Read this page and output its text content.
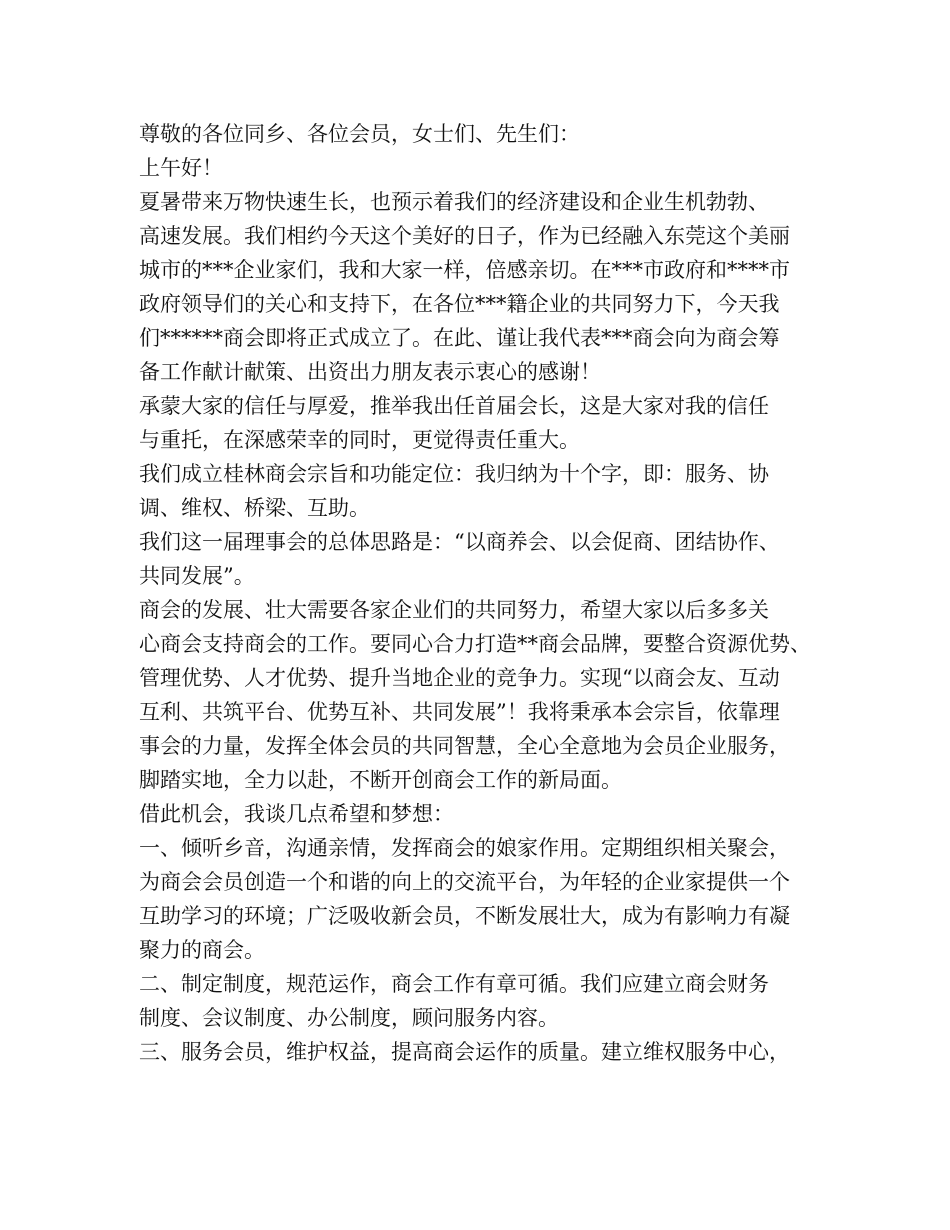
尊敬的各位同乡、各位会员，女士们、先生们：
上午好！
夏暑带来万物快速生长，也预示着我们的经济建设和企业生机勃勃、
高速发展。我们相约今天这个美好的日子，作为已经融入东莞这个美丽
城市的***企业家们，我和大家一样，倍感亲切。在***市政府和****市
政府领导们的关心和支持下，在各位***籍企业的共同努力下，今天我
们******商会即将正式成立了。在此、谨让我代表***商会向为商会筹
备工作献计献策、出资出力朋友表示衷心的感谢！
承蒙大家的信任与厚爱，推举我出任首届会长，这是大家对我的信任
与重托，在深感荣幸的同时，更觉得责任重大。
我们成立桂林商会宗旨和功能定位：我归纳为十个字，即：服务、协
调、维权、桥梁、互助。
我们这一届理事会的总体思路是：“以商养会、以会促商、团结协作、
共同发展”。
商会的发展、壮大需要各家企业们的共同努力，希望大家以后多多关
心商会支持商会的工作。要同心合力打造**商会品牌，要整合资源优势、
管理优势、人才优势、提升当地企业的竞争力。实现“以商会友、互动
互利、共筑平台、优势互补、共同发展”！我将秉承本会宗旨，依靠理
事会的力量，发挥全体会员的共同智慧，全心全意地为会员企业服务，
脚踏实地，全力以赴，不断开创商会工作的新局面。
借此机会，我谈几点希望和梦想：
一、倾听乡音，沟通亲情，发挥商会的娘家作用。定期组织相关聚会，
为商会会员创造一个和谐的向上的交流平台，为年轻的企业家提供一个
互助学习的环境；广泛吸收新会员，不断发展壮大，成为有影响力有凝
聚力的商会。
二、制定制度，规范运作，商会工作有章可循。我们应建立商会财务
制度、会议制度、办公制度，顾问服务内容。
三、服务会员，维护权益，提高商会运作的质量。建立维权服务中心，
